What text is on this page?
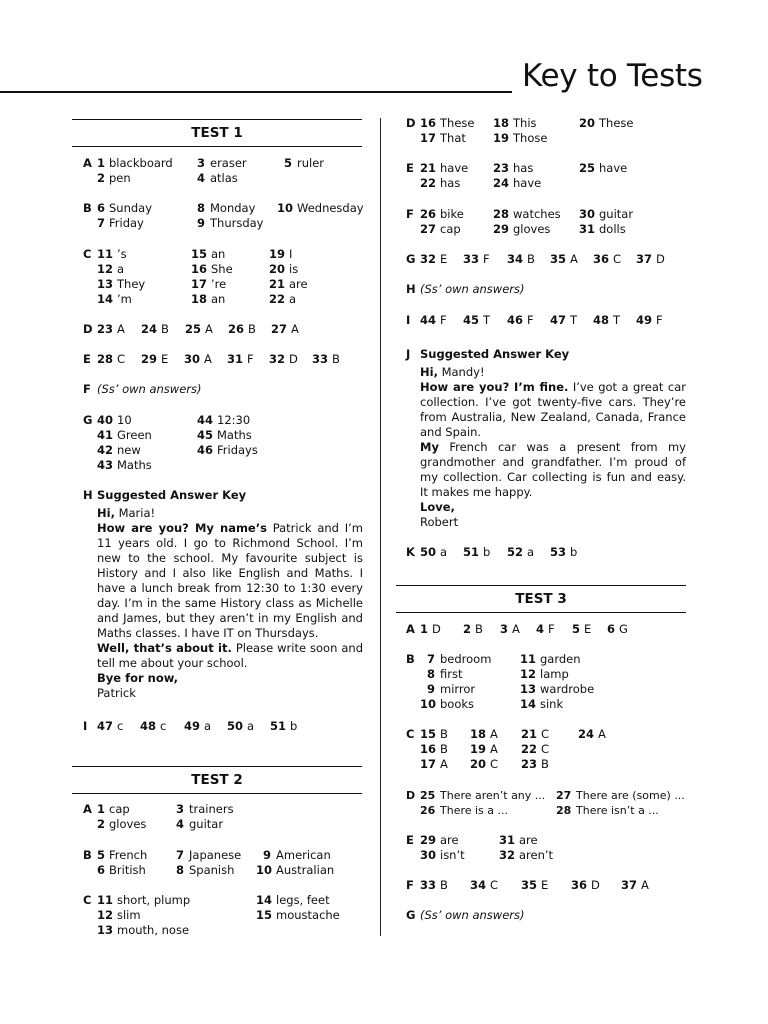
Key to Tests
TEST 1
A 1 blackboard 3 eraser	5 ruler
2 pen	4 atlas
B 6 Sunday	8 Monday 10 Wednesday
7 Friday	9 Thursday
C 11 ’s	15 an	19 I
12 a	16 She	20 is
13 They	17 ’re	21 are
14 ’m	18 an	22 a
D 23 A 24 B 25 A 26 B 27 A
E 28 C 29 E 30 A 31 F 32 D 33 B
F (Ss’ own answers)
G 40 10	44 12:30
41 Green	45 Maths
42 new	46 Fridays
43 Maths
H Suggested Answer Key

Hi, Maria!

How are you? My name’s Patrick and I’m 11 years old. I go to Richmond School. I’m new to the school. My favourite subject is History and I also like English and Maths. I have a lunch break from 12:30 to 1:30 every day. I’m in the same History class as Michelle and James, but they aren’t in my English and Maths classes. I have IT on Thursdays.

Well, that’s about it. Please write soon and tell me about your school.

Bye for now,

Patrick

I 47 c 48 c 49 a 50 a 51 b
TEST 2
A 1 cap	3 trainers
2 gloves	4 guitar
B 5 French	7 Japanese	9 American
6 British	8 Spanish 10 Australian
C 11 short, plump	14 legs, feet
12 slim	15 moustache
13 mouth, nose
D 16 These 18 This	20 These
17 That 19 Those
E 21 have 23 has	25 have
22 has	24 have
F 26 bike	28 watches 30 guitar
27 cap	29 gloves 31 dolls
G 32 E 33 F 34 B 35 A 36 C 37 D
H (Ss’ own answers)
I 44 F 45 T 46 F 47 T 48 T 49 F
J Suggested Answer Key

Hi, Mandy!

How are you? I’m fine. I’ve got a great car collection. I’ve got twenty-five cars. They’re from Australia, New Zealand, Canada, France and Spain.

My French car was a present from my grandmother and grandfather. I’m proud of my collection. Car collecting is fun and easy. It makes me happy.

Love,

Robert

K 50 a 51 b 52 a 53 b
TEST 3
A 1 D 2 B 3 A 4 F 5 E 6 G
B	7 bedroom 11 garden
8 first	12 lamp
9 mirror	13 wardrobe
10 books	14 sink
C 15 B 18 A 21 C	24 A
16 B 19 A 22 C
17 A 20 C 23 B
D 25 There aren’t any ... 27 There are (some) ...
26 There is a ...	28 There isn’t a ...
E 29 are	31 are
30 isn’t	32 aren’t
F 33 B 34 C 35 E 36 D 37 A
G (Ss’ own answers)
